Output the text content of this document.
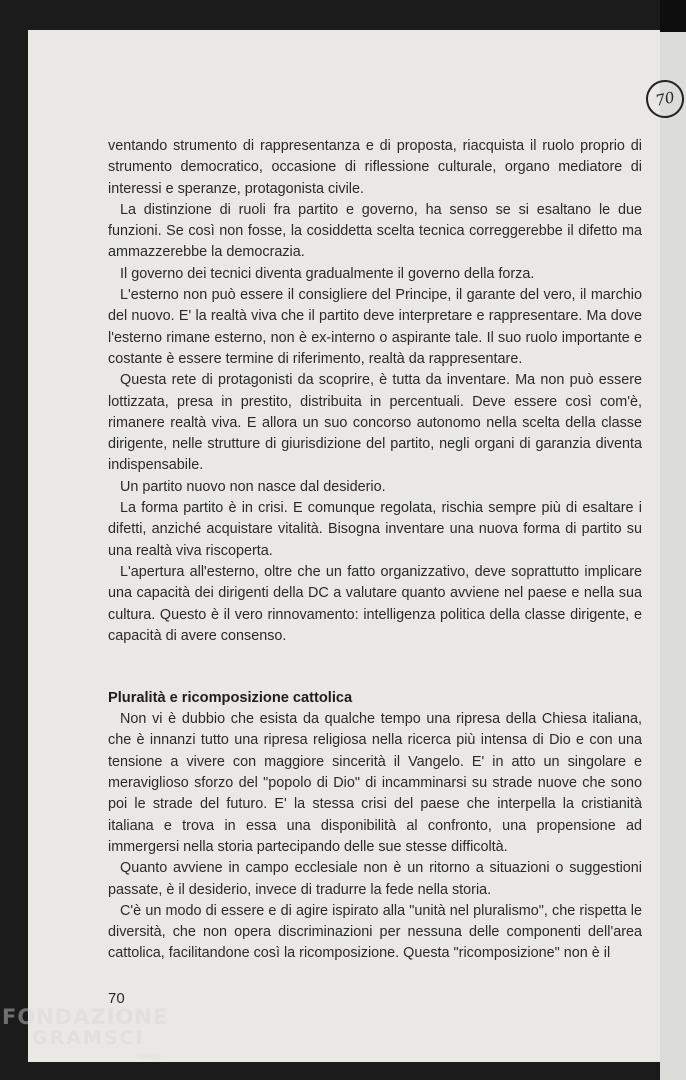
70

ventando strumento di rappresentanza e di proposta, riacquista il ruolo proprio di strumento democratico, occasione di riflessione culturale, organo mediatore di interessi e speranze, protagonista civile.

La distinzione di ruoli fra partito e governo, ha senso se si esaltano le due funzioni. Se così non fosse, la cosiddetta scelta tecnica correggerebbe il difetto ma ammazzerebbe la democrazia.

Il governo dei tecnici diventa gradualmente il governo della forza.

L'esterno non può essere il consigliere del Principe, il garante del vero, il marchio del nuovo. E' la realtà viva che il partito deve interpretare e rappresentare. Ma dove l'esterno rimane esterno, non è ex-interno o aspirante tale. Il suo ruolo importante e costante è essere termine di riferimento, realtà da rappresentare.

Questa rete di protagonisti da scoprire, è tutta da inventare. Ma non può essere lottizzata, presa in prestito, distribuita in percentuali. Deve essere così com'è, rimanere realtà viva. E allora un suo concorso autonomo nella scelta della classe dirigente, nelle strutture di giurisdizione del partito, negli organi di garanzia diventa indispensabile.

Un partito nuovo non nasce dal desiderio.

La forma partito è in crisi. E comunque regolata, rischia sempre più di esaltare i difetti, anziché acquistare vitalità. Bisogna inventare una nuova forma di partito su una realtà viva riscoperta.

L'apertura all'esterno, oltre che un fatto organizzativo, deve soprattutto implicare una capacità dei dirigenti della DC a valutare quanto avviene nel paese e nella sua cultura. Questo è il vero rinnovamento: intelligenza politica della classe dirigente, e capacità di avere consenso.

Pluralità e ricomposizione cattolica

Non vi è dubbio che esista da qualche tempo una ripresa della Chiesa italiana, che è innanzi tutto una ripresa religiosa nella ricerca più intensa di Dio e con una tensione a vivere con maggiore sincerità il Vangelo. E' in atto un singolare e meraviglioso sforzo del "popolo di Dio" di incamminarsi su strade nuove che sono poi le strade del futuro. E' la stessa crisi del paese che interpella la cristianità italiana e trova in essa una disponibilità al confronto, una propensione ad immergersi nella storia partecipando delle sue stesse difficoltà.

Quanto avviene in campo ecclesiale non è un ritorno a situazioni o suggestioni passate, è il desiderio, invece di tradurre la fede nella storia.

C'è un modo di essere e di agire ispirato alla "unità nel pluralismo", che rispetta le diversità, che non opera discriminazioni per nessuna delle componenti dell'area cattolica, facilitandone così la ricomposizione. Questa "ricomposizione" non è il

70
FONDAZIONE
GRAMSCI
onlus
